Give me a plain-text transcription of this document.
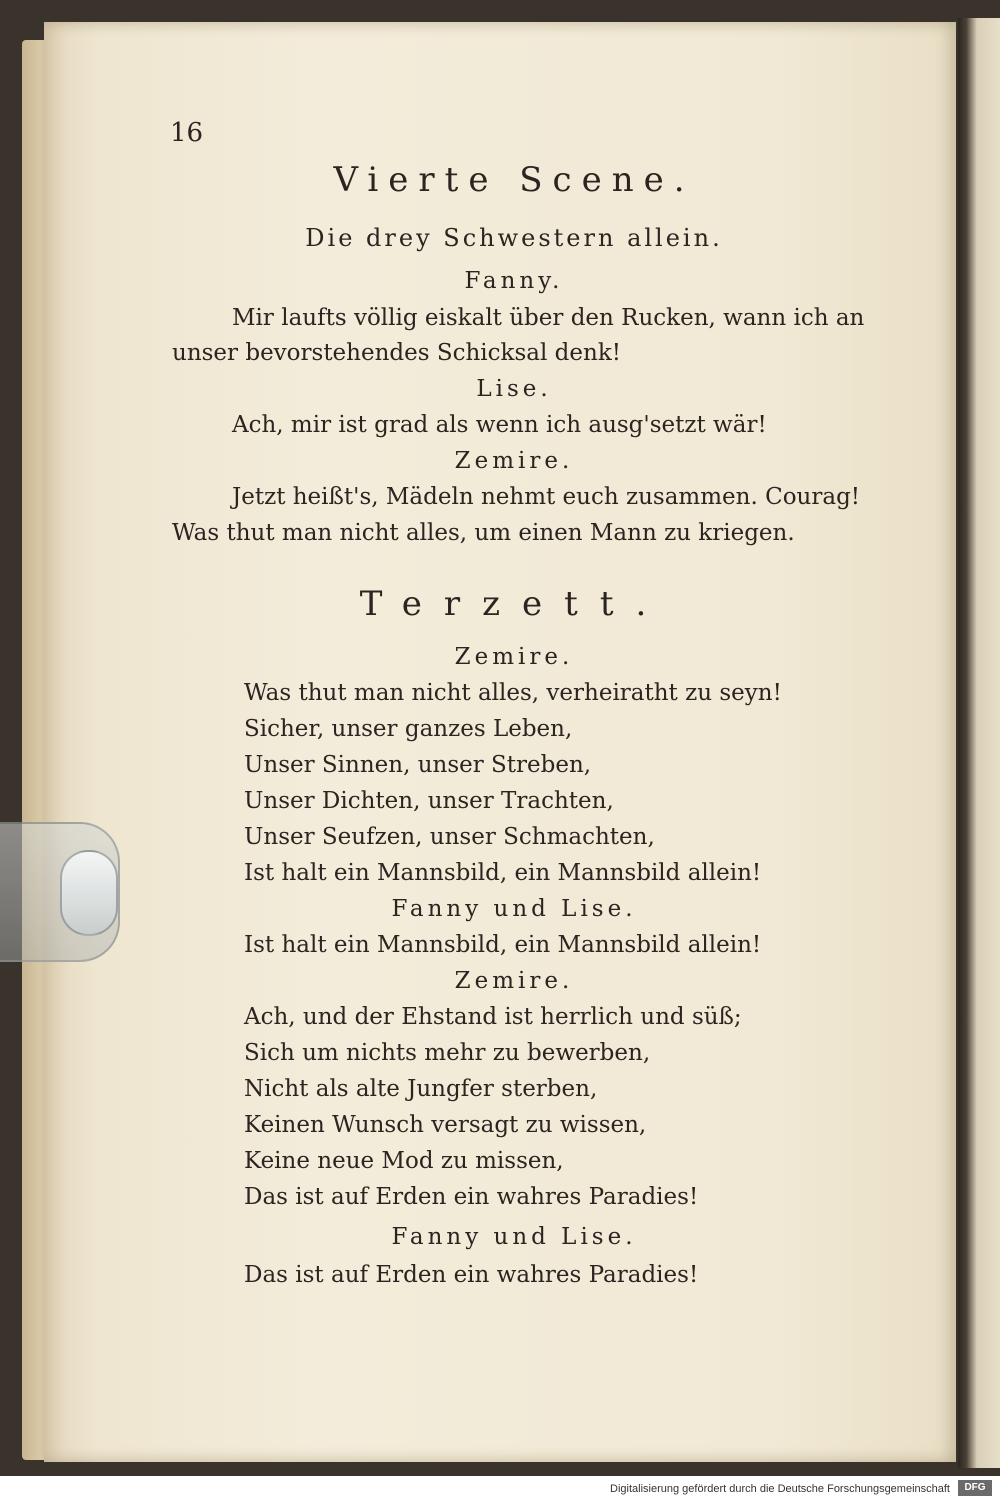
16
Vierte Scene.
Die drey Schwestern allein.
Fanny.
Mir laufts völlig eiskalt über den Rucken, wann ich an
unser bevorstehendes Schicksal denk!
Lise.
Ach, mir ist grad als wenn ich ausg'setzt wär!
Zemire.
Jetzt heißt's, Mädeln nehmt euch zusammen. Courag!
Was thut man nicht alles, um einen Mann zu kriegen.
Terzett.
Zemire.
Was thut man nicht alles, verheiratht zu seyn!
Sicher, unser ganzes Leben,
Unser Sinnen, unser Streben,
Unser Dichten, unser Trachten,
Unser Seufzen, unser Schmachten,
Ist halt ein Mannsbild, ein Mannsbild allein!
Fanny und Lise.
Ist halt ein Mannsbild, ein Mannsbild allein!
Zemire.
Ach, und der Ehstand ist herrlich und süß;
Sich um nichts mehr zu bewerben,
Nicht als alte Jungfer sterben,
Keinen Wunsch versagt zu wissen,
Keine neue Mod zu missen,
Das ist auf Erden ein wahres Paradies!
Fanny und Lise.
Das ist auf Erden ein wahres Paradies!
Digitalisierung gefördert durch die Deutsche Forschungsgemeinschaft	DFG
